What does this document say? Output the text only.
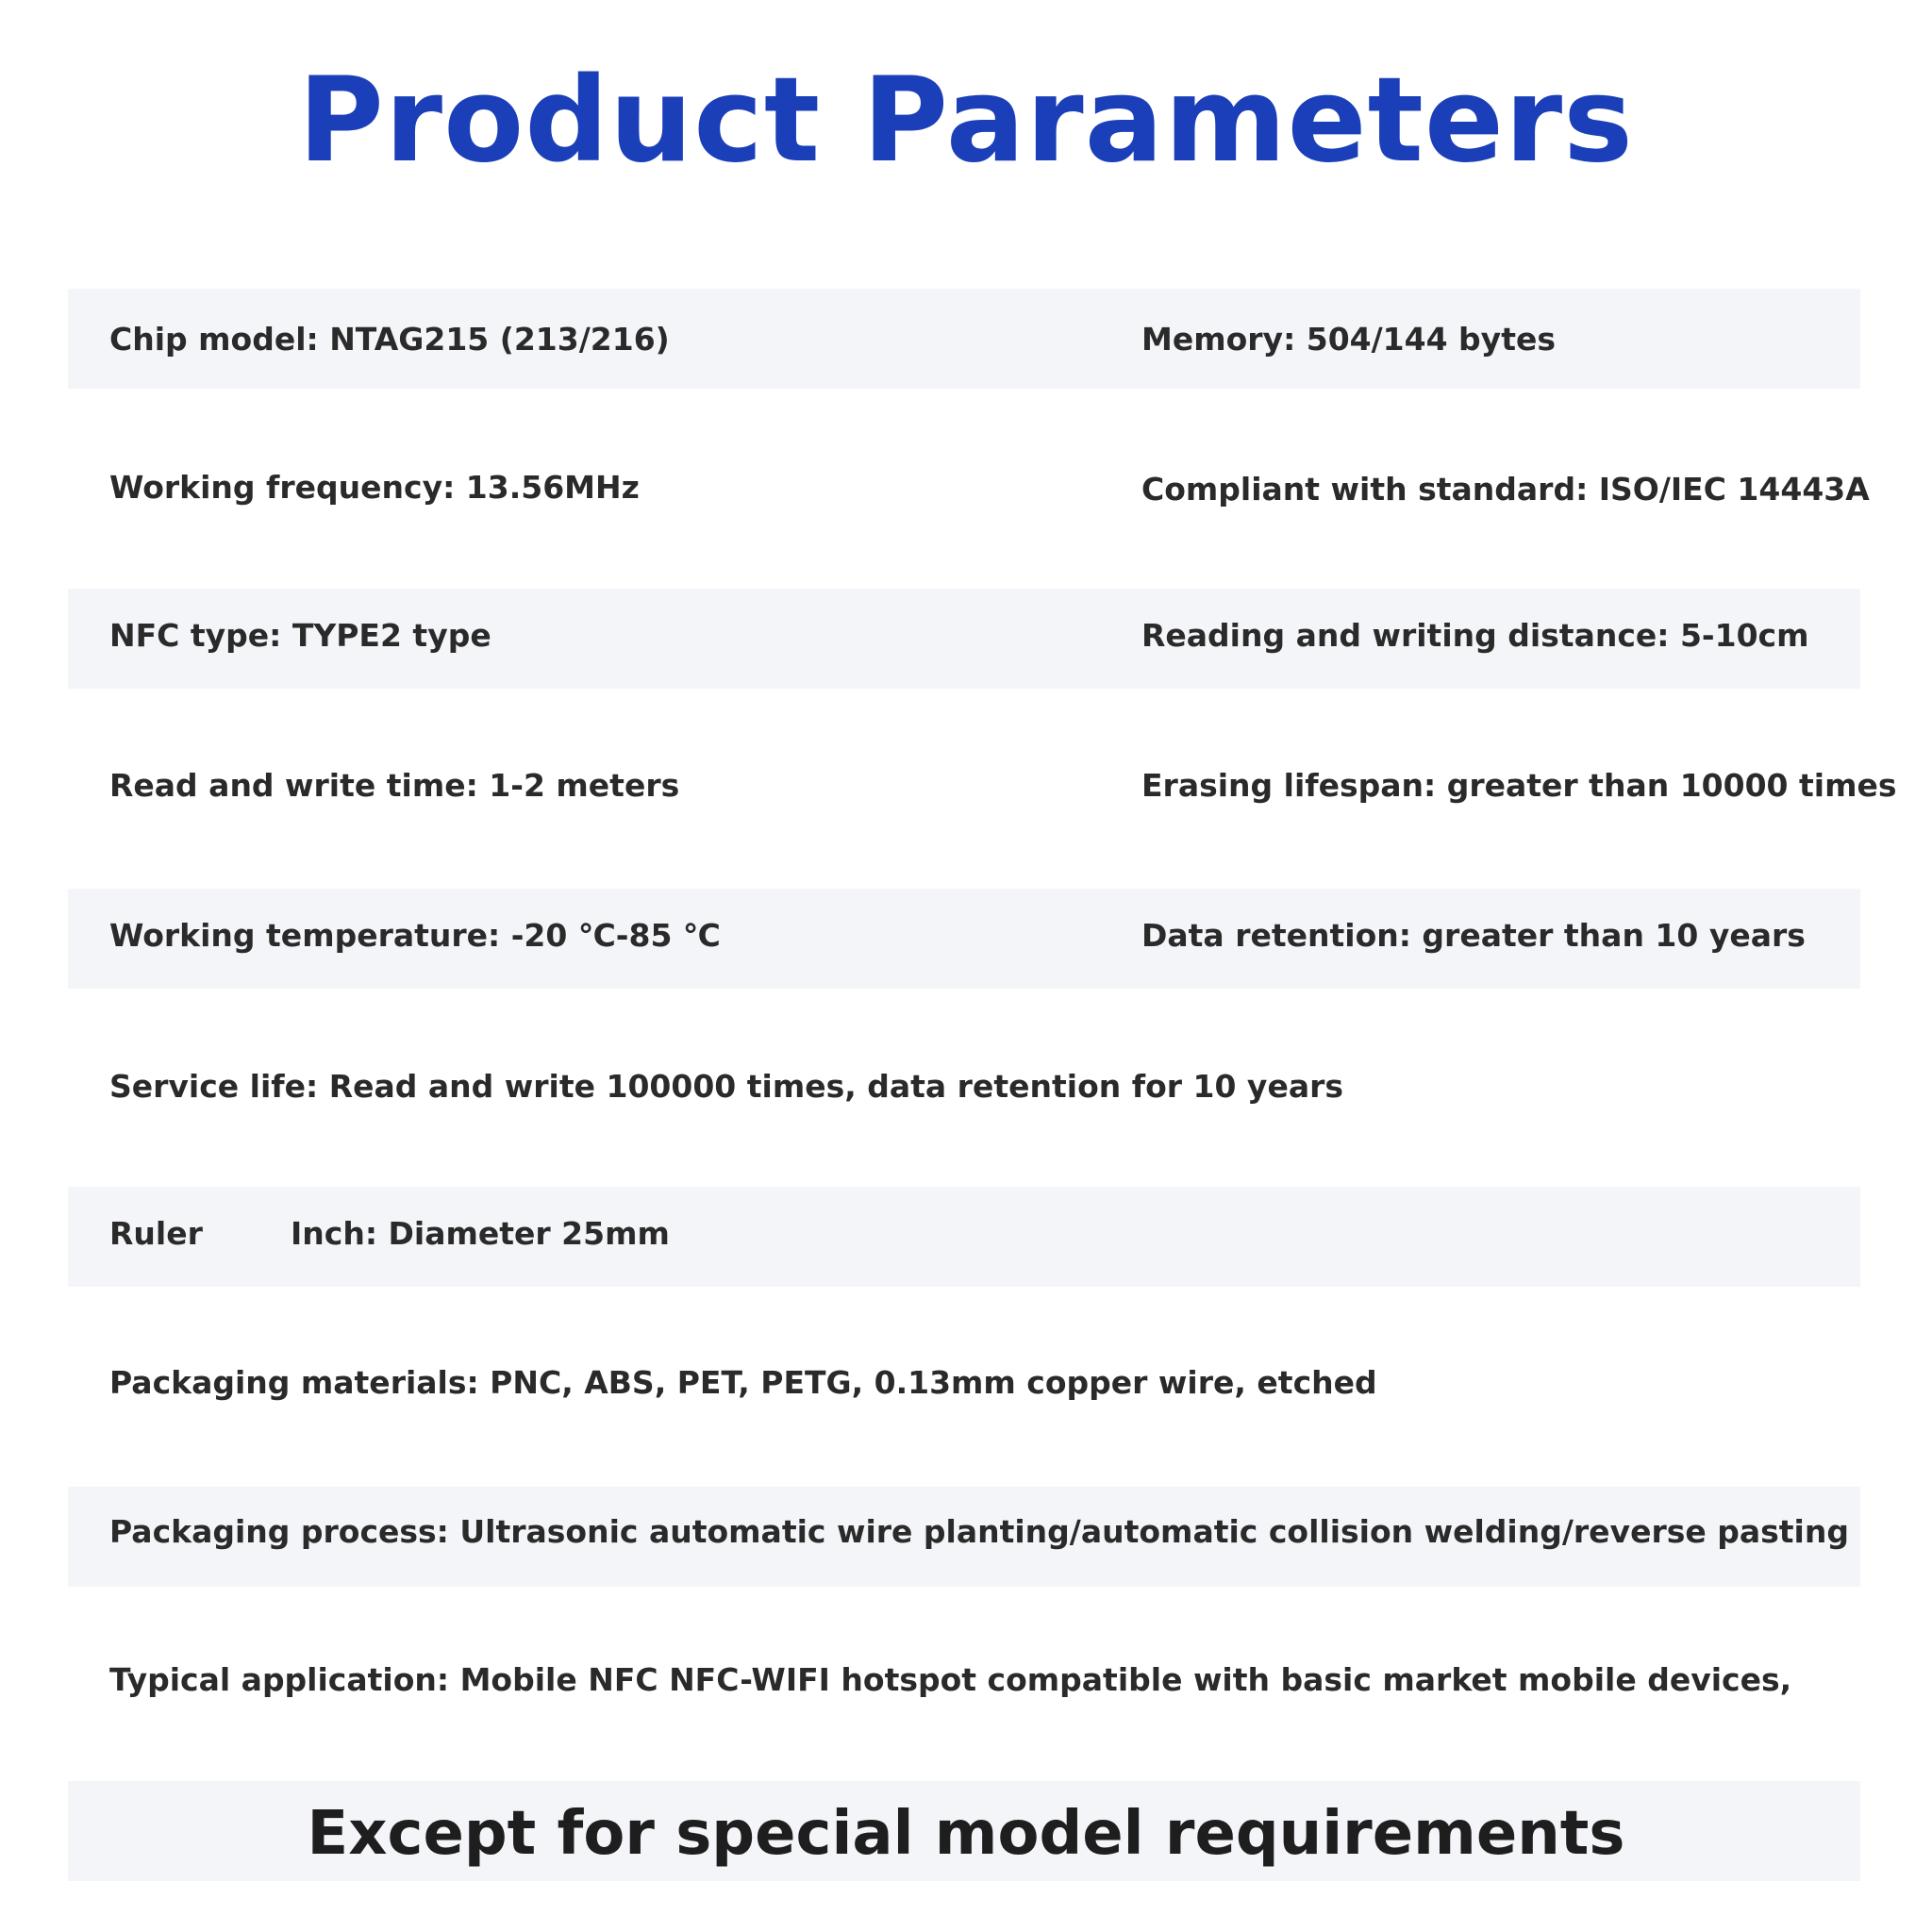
Product Parameters
Chip model: NTAG215 (213/216)	Memory: 504/144 bytes
Working frequency: 13.56MHz	Compliant with standard: ISO/IEC 14443A
NFC type: TYPE2 type	Reading and writing distance: 5-10cm
Read and write time: 1-2 meters	Erasing lifespan: greater than 10000 times
Working temperature: -20 ℃-85 ℃	Data retention: greater than 10 years
Service life: Read and write 100000 times, data retention for 10 years
Ruler	Inch: Diameter 25mm
Packaging materials: PNC, ABS, PET, PETG, 0.13mm copper wire, etched
Packaging process: Ultrasonic automatic wire planting/automatic collision welding/reverse pasting
Typical application: Mobile NFC NFC-WIFI hotspot compatible with basic market mobile devices,
Except for special model requirements
